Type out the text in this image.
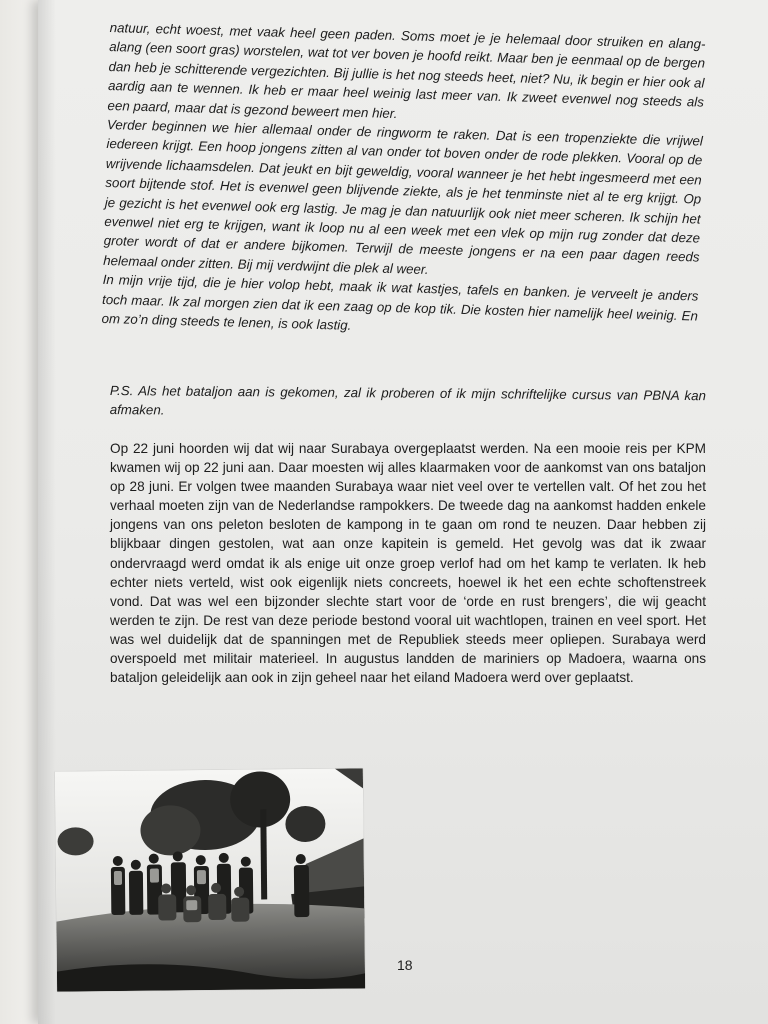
natuur, echt woest, met vaak heel geen paden. Soms moet je je helemaal door struiken en alang-alang (een soort gras) worstelen, wat tot ver boven je hoofd reikt. Maar ben je eenmaal op de bergen dan heb je schitterende vergezichten. Bij jullie is het nog steeds heet, niet? Nu, ik begin er hier ook al aardig aan te wennen. Ik heb er maar heel weinig last meer van. Ik zweet evenwel nog steeds als een paard, maar dat is gezond beweert men hier.

Verder beginnen we hier allemaal onder de ringworm te raken. Dat is een tropenziekte die vrijwel iedereen krijgt. Een hoop jongens zitten al van onder tot boven onder de rode plekken. Vooral op de wrijvende lichaamsdelen. Dat jeukt en bijt geweldig, vooral wanneer je het hebt ingesmeerd met een soort bijtende stof. Het is evenwel geen blijvende ziekte, als je het tenminste niet al te erg krijgt. Op je gezicht is het evenwel ook erg lastig. Je mag je dan natuurlijk ook niet meer scheren. Ik schijn het evenwel niet erg te krijgen, want ik loop nu al een week met een vlek op mijn rug zonder dat deze groter wordt of dat er andere bijkomen. Terwijl de meeste jongens er na een paar dagen reeds helemaal onder zitten. Bij mij verdwijnt die plek al weer.

In mijn vrije tijd, die je hier volop hebt, maak ik wat kastjes, tafels en banken. je verveelt je anders toch maar. Ik zal morgen zien dat ik een zaag op de kop tik. Die kosten hier namelijk heel weinig. En om zo’n ding steeds te lenen, is ook lastig.

P.S. Als het bataljon aan is gekomen, zal ik proberen of ik mijn schriftelijke cursus van PBNA kan afmaken.

Op 22 juni hoorden wij dat wij naar Surabaya overgeplaatst werden. Na een mooie reis per KPM kwamen wij op 22 juni aan. Daar moesten wij alles klaarmaken voor de aankomst van ons bataljon op 28 juni. Er volgen twee maanden Surabaya waar niet veel over te vertellen valt. Of het zou het verhaal moeten zijn van de Nederlandse rampokkers. De tweede dag na aankomst hadden enkele jongens van ons peleton besloten de kampong in te gaan om rond te neuzen. Daar hebben zij blijkbaar dingen gestolen, wat aan onze kapitein is gemeld. Het gevolg was dat ik zwaar ondervraagd werd omdat ik als enige uit onze groep verlof had om het kamp te verlaten. Ik heb echter niets verteld, wist ook eigenlijk niets concreets, hoewel ik het een echte schoftenstreek vond. Dat was wel een bijzonder slechte start voor de ‘orde en rust brengers’, die wij geacht werden te zijn. De rest van deze periode bestond vooral uit wachtlopen, trainen en veel sport. Het was wel duidelijk dat de spanningen met de Republiek steeds meer opliepen. Surabaya werd overspoeld met militair materieel. In augustus landden de mariniers op Madoera, waarna ons bataljon geleidelijk aan ook in zijn geheel naar het eiland Madoera werd over geplaatst.

18
